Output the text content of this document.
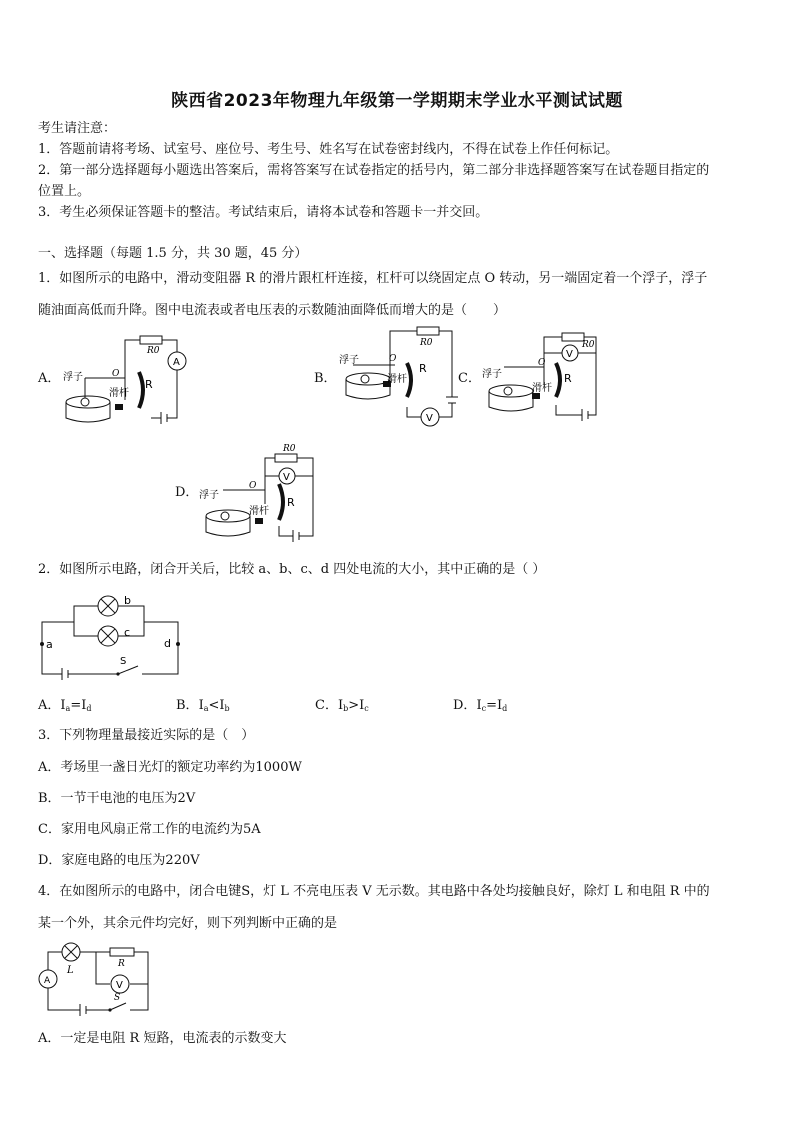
陕西省2023年物理九年级第一学期期末学业水平测试试题
考生请注意：
1．答题前请将考场、试室号、座位号、考生号、姓名写在试卷密封线内，不得在试卷上作任何标记。
2．第一部分选择题每小题选出答案后，需将答案写在试卷指定的括号内，第二部分非选择题答案写在试卷题目指定的
位置上。
3．考生必须保证答题卡的整洁。考试结束后，请将本试卷和答题卡一并交回。
一、选择题（每题 1.5 分，共 30 题，45 分）
1．如图所示的电路中，滑动变阻器 R 的滑片跟杠杆连接，杠杆可以绕固定点 O 转动，另一端固定着一个浮子，浮子
随油面高低而升降。图中电流表或者电压表的示数随油面降低而增大的是（　　）
A．	B．	C．
D．
R0
A
R
O
浮子
滑杆
R0
V
R
O
浮子
滑杆
R0
V
R
O
浮子
滑杆
R0
V
R
O
浮子
滑杆
2．如图所示电路，闭合开关后，比较 a、b、c、d 四处电流的大小，其中正确的是（ ）
a
b
c
d
S
A．$I_a=I_d$	B．$I_a<I_b$	C．$I_b>I_c$	D．$I_c=I_d$
3．下列物理量最接近实际的是（　）
A．考场里一盏日光灯的额定功率约为1000W
B．一节干电池的电压为2V
C．家用电风扇正常工作的电流约为5A
D．家庭电路的电压为220V
4．在如图所示的电路中，闭合电键S，灯 L 不亮电压表 V 无示数。其电路中各处均接触良好，除灯 L 和电阻 R 中的
某一个外，其余元件均完好，则下列判断中正确的是
L
R
V
A
S
A．一定是电阻 R 短路，电流表的示数变大
